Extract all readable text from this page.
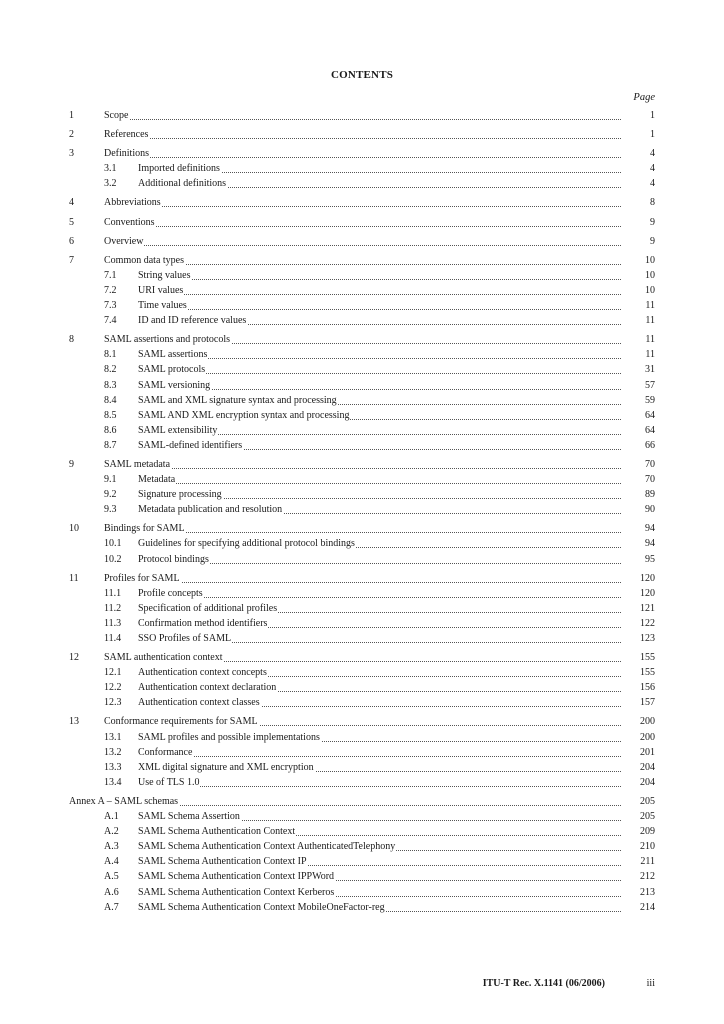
CONTENTS
Page
1	Scope	1
2	References	1
3	Definitions	4
3.1 Imported definitions	4
3.2 Additional definitions	4
4	Abbreviations	8
5	Conventions	9
6	Overview	9
7	Common data types	10
7.1 String values	10
7.2 URI values	10
7.3 Time values	11
7.4 ID and ID reference values	11
8	SAML assertions and protocols	11
8.1 SAML assertions	11
8.2 SAML protocols	31
8.3 SAML versioning	57
8.4 SAML and XML signature syntax and processing	59
8.5 SAML AND XML encryption syntax and processing	64
8.6 SAML extensibility	64
8.7 SAML-defined identifiers	66
9	SAML metadata	70
9.1 Metadata	70
9.2 Signature processing	89
9.3 Metadata publication and resolution	90
10	Bindings for SAML	94
10.1 Guidelines for specifying additional protocol bindings	94
10.2 Protocol bindings	95
11	Profiles for SAML	120
11.1 Profile concepts	120
11.2 Specification of additional profiles	121
11.3 Confirmation method identifiers	122
11.4 SSO Profiles of SAML	123
12	SAML authentication context	155
12.1 Authentication context concepts	155
12.2 Authentication context declaration	156
12.3 Authentication context classes	157
13	Conformance requirements for SAML	200
13.1 SAML profiles and possible implementations	200
13.2 Conformance	201
13.3 XML digital signature and XML encryption	204
13.4 Use of TLS 1.0	204
Annex A – SAML schemas	205
A.1 SAML Schema Assertion	205
A.2 SAML Schema Authentication Context	209
A.3 SAML Schema Authentication Context AuthenticatedTelephony	210
A.4 SAML Schema Authentication Context IP	211
A.5 SAML Schema Authentication Context IPPWord	212
A.6 SAML Schema Authentication Context Kerberos	213
A.7 SAML Schema Authentication Context MobileOneFactor-reg	214
ITU-T Rec. X.1141 (06/2006)	iii
